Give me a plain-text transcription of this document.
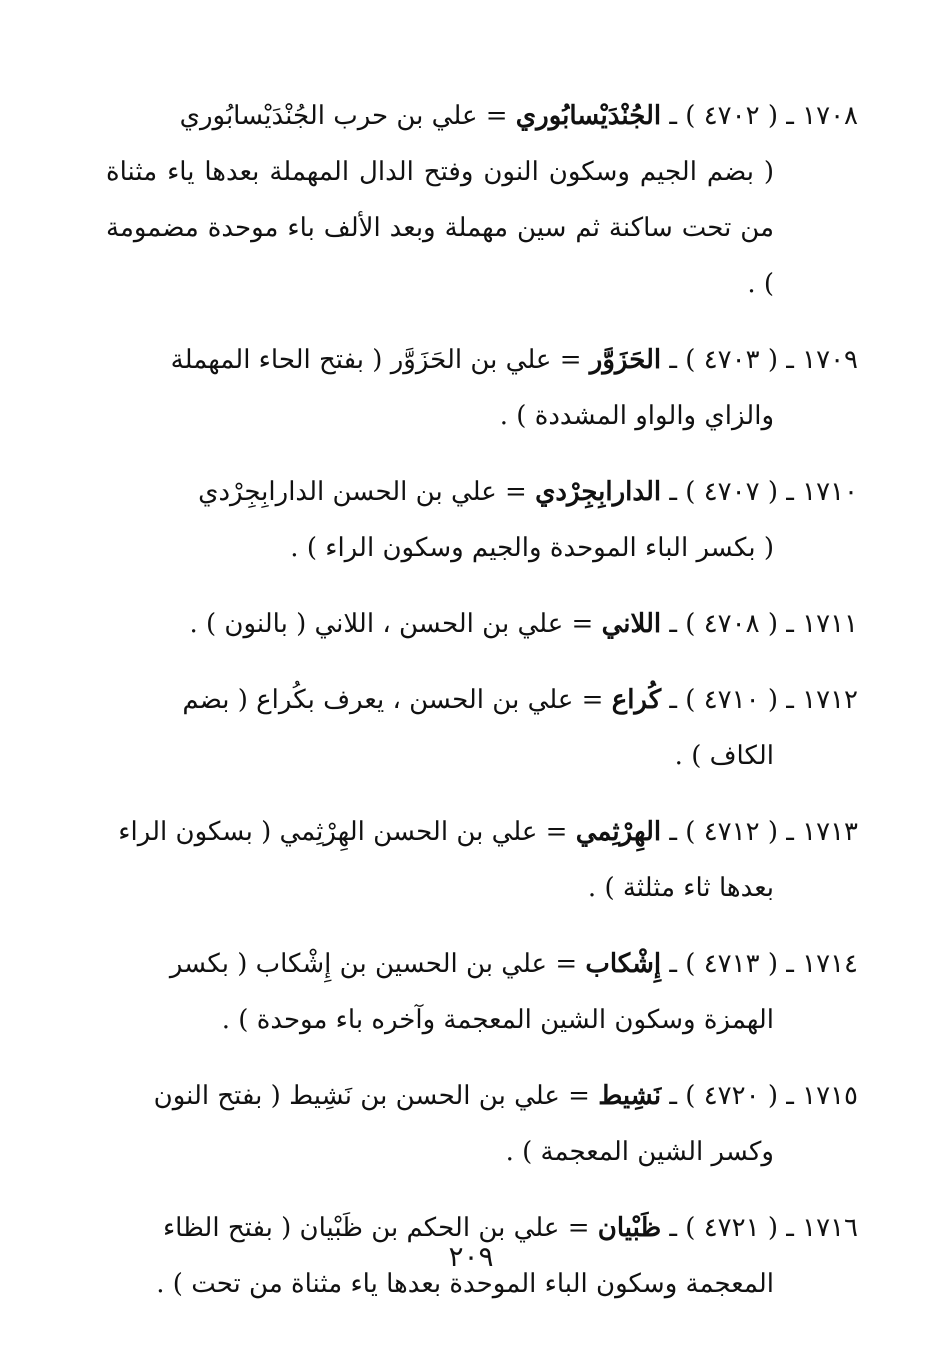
١٧٠٨ ـ ( ٤٧٠٢ ) ـ الجُنْدَيْسابُوري = علي بن حرب الجُنْدَيْسابُوري
( بضم الجيم وسكون النون وفتح الدال المهملة بعدها ياء مثناة من تحت ساكنة ثم سين مهملة وبعد الألف باء موحدة مضمومة ) .
١٧٠٩ ـ ( ٤٧٠٣ ) ـ الحَزَوَّر = علي بن الحَزَوَّر ( بفتح الحاء المهملة
والزاي والواو المشددة ) .
١٧١٠ ـ ( ٤٧٠٧ ) ـ الدارابِجِرْدي = علي بن الحسن الدارابِجِرْدي
( بكسر الباء الموحدة والجيم وسكون الراء ) .
١٧١١ ـ ( ٤٧٠٨ ) ـ اللاني = علي بن الحسن ، اللاني ( بالنون ) .
١٧١٢ ـ ( ٤٧١٠ ) ـ كُراع = علي بن الحسن ، يعرف بكُراع ( بضم
الكاف ) .
١٧١٣ ـ ( ٤٧١٢ ) ـ الهِرْثِمي = علي بن الحسن الهِرْثِمي ( بسكون الراء
بعدها ثاء مثلثة ) .
١٧١٤ ـ ( ٤٧١٣ ) ـ إِشْكاب = علي بن الحسين بن إِشْكاب ( بكسر
الهمزة وسكون الشين المعجمة وآخره باء موحدة ) .
١٧١٥ ـ ( ٤٧٢٠ ) ـ نَشِيط = علي بن الحسن بن نَشِيط ( بفتح النون
وكسر الشين المعجمة ) .
١٧١٦ ـ ( ٤٧٢١ ) ـ ظَبْيان = علي بن الحكم بن ظَبْيان ( بفتح الظاء
المعجمة وسكون الباء الموحدة بعدها ياء مثناة من تحت ) .
٢٠٩
